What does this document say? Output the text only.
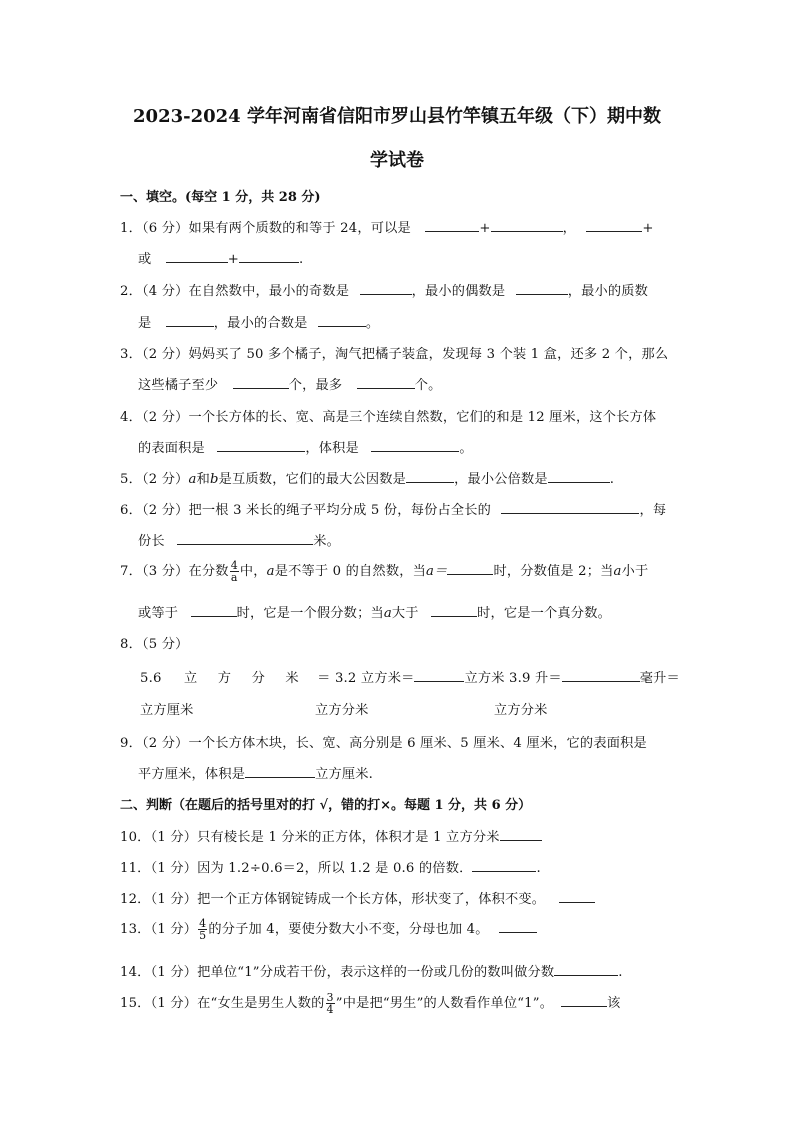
2023-2024 学年河南省信阳市罗山县竹竿镇五年级（下）期中数
学试卷
一、填空。(每空 1 分，共 28 分)
1．（6 分）如果有两个质数的和等于 24，可以是	+	，	+
或	+	.
2．（4 分）在自然数中，最小的奇数是	，最小的偶数是	，最小的质数
是	，最小的合数是	。
3．（2 分）妈妈买了 50 多个橘子，淘气把橘子装盒，发现每 3 个装 1 盒，还多 2 个，那么
这些橘子至少	个，最多	个。
4．（2 分）一个长方体的长、宽、高是三个连续自然数，它们的和是 12 厘米，这个长方体
的表面积是	，体积是	。
5．（2 分）a和b是互质数，它们的最大公因数是	，最小公倍数是	.
6．（2 分）把一根 3 米长的绳子平均分成 5 份，每份占全长的	，每
份长	米。
7．（3 分）在分数 $\frac{4}{a}$ 中，a是不等于 0 的自然数，当a＝	时，分数值是 2；当a小于
或等于	时，它是一个假分数；当a大于	时，它是一个真分数。
8．（5 分）
5.6 立 方 分 米 ＝ 3.2 立方米＝	立方米 3.9 升＝	毫升＝
立方厘米	立方分米	立方分米
9．（2 分）一个长方体木块，长、宽、高分别是 6 厘米、5 厘米、4 厘米，它的表面积是
平方厘米，体积是	立方厘米.
二、判断（在题后的括号里对的打 √，错的打×。每题 1 分，共 6 分）
10．（1 分）只有棱长是 1 分米的正方体，体积才是 1 立方分米
11．（1 分）因为 1.2÷0.6＝2，所以 1.2 是 0.6 的倍数．	.
12．（1 分）把一个正方体钢锭铸成一个长方体，形状变了，体积不变。
13．（1 分） $\frac{4}{5}$ 的分子加 4，要使分数大小不变，分母也加 4。
14．（1 分）把单位“1”分成若干份，表示这样的一份或几份的数叫做分数	.
15．（1 分）在“女生是男生人数的 $\frac{3}{4}$ ”中是把“男生”的人数看作单位“1”。	该
